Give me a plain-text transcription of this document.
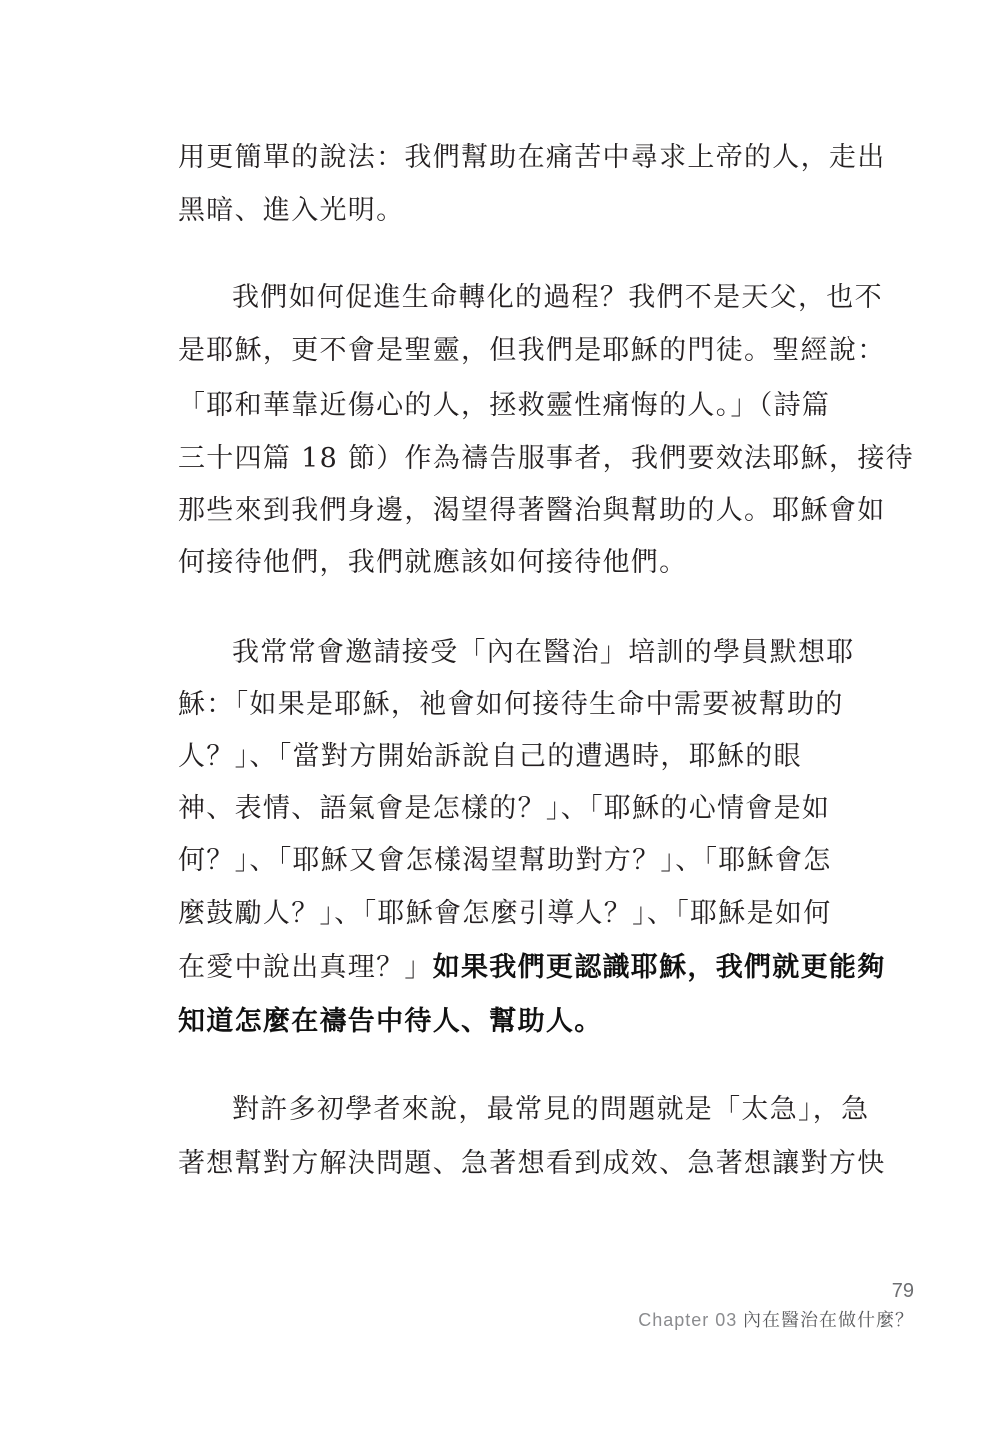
用更簡單的說法：我們幫助在痛苦中尋求上帝的人，走出
黑暗、進入光明。
我們如何促進生命轉化的過程？我們不是天父，也不
是耶穌，更不會是聖靈，但我們是耶穌的門徒。聖經說：
「耶和華靠近傷心的人，拯救靈性痛悔的人。」（詩篇
三十四篇 18 節）作為禱告服事者，我們要效法耶穌，接待
那些來到我們身邊，渴望得著醫治與幫助的人。耶穌會如
何接待他們，我們就應該如何接待他們。
我常常會邀請接受「內在醫治」培訓的學員默想耶
穌：「如果是耶穌，祂會如何接待生命中需要被幫助的
人？」、「當對方開始訴說自己的遭遇時，耶穌的眼
神、表情、語氣會是怎樣的？」、「耶穌的心情會是如
何？」、「耶穌又會怎樣渴望幫助對方？」、「耶穌會怎
麼鼓勵人？」、「耶穌會怎麼引導人？」、「耶穌是如何
在愛中說出真理？」如果我們更認識耶穌，我們就更能夠
知道怎麼在禱告中待人、幫助人。
對許多初學者來說，最常見的問題就是「太急」，急
著想幫對方解決問題、急著想看到成效、急著想讓對方快
79
Chapter 03 內在醫治在做什麼？
